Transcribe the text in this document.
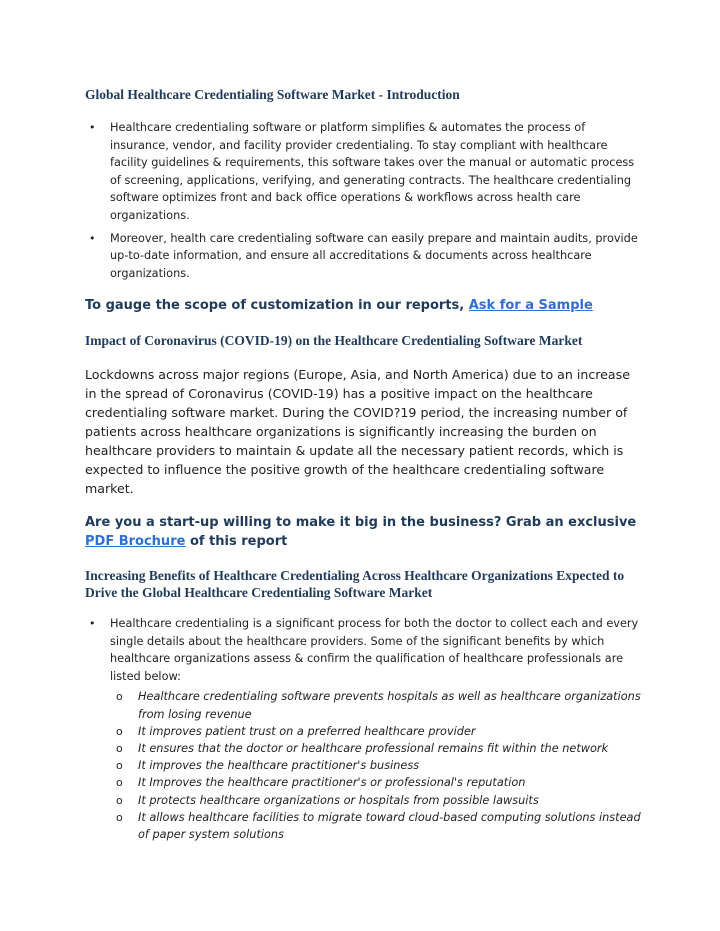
Global Healthcare Credentialing Software Market - Introduction
• Healthcare credentialing software or platform simplifies & automates the process of insurance, vendor, and facility provider credentialing. To stay compliant with healthcare facility guidelines & requirements, this software takes over the manual or automatic process of screening, applications, verifying, and generating contracts. The healthcare credentialing software optimizes front and back office operations & workflows across health care organizations.
• Moreover, health care credentialing software can easily prepare and maintain audits, provide up-to-date information, and ensure all accreditations & documents across healthcare organizations.

To gauge the scope of customization in our reports, Ask for a Sample

Impact of Coronavirus (COVID-19) on the Healthcare Credentialing Software Market

Lockdowns across major regions (Europe, Asia, and North America) due to an increase in the spread of Coronavirus (COVID-19) has a positive impact on the healthcare credentialing software market. During the COVID?19 period, the increasing number of patients across healthcare organizations is significantly increasing the burden on healthcare providers to maintain & update all the necessary patient records, which is expected to influence the positive growth of the healthcare credentialing software market.

Are you a start-up willing to make it big in the business? Grab an exclusive PDF Brochure of this report

Increasing Benefits of Healthcare Credentialing Across Healthcare Organizations Expected to Drive the Global Healthcare Credentialing Software Market
• Healthcare credentialing is a significant process for both the doctor to collect each and every single details about the healthcare providers. Some of the significant benefits by which healthcare organizations assess & confirm the qualification of healthcare professionals are listed below:
o Healthcare credentialing software prevents hospitals as well as healthcare organizations from losing revenue
o It improves patient trust on a preferred healthcare provider
o It ensures that the doctor or healthcare professional remains fit within the network
o It improves the healthcare practitioner's business
o It Improves the healthcare practitioner's or professional's reputation
o It protects healthcare organizations or hospitals from possible lawsuits
o It allows healthcare facilities to migrate toward cloud-based computing solutions instead of paper system solutions
